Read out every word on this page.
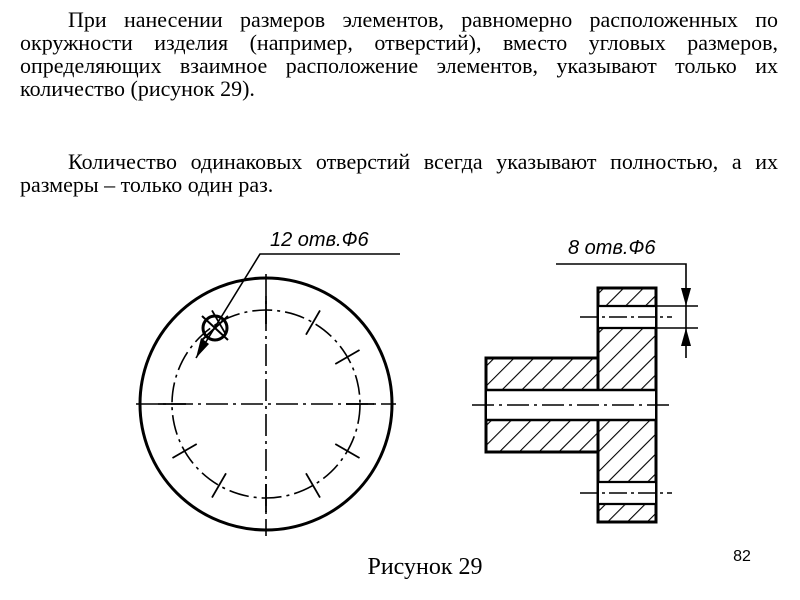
При нанесении размеров элементов, равномерно расположенных по окружности изделия (например, отверстий), вместо угловых размеров, определяющих взаимное расположение элементов, указывают только их количество (рисунок 29).

Количество одинаковых отверстий всегда указывают полностью, а их размеры – только один раз.

12 отв.Ф6	8 отв.Ф6
Рисунок 29	82
